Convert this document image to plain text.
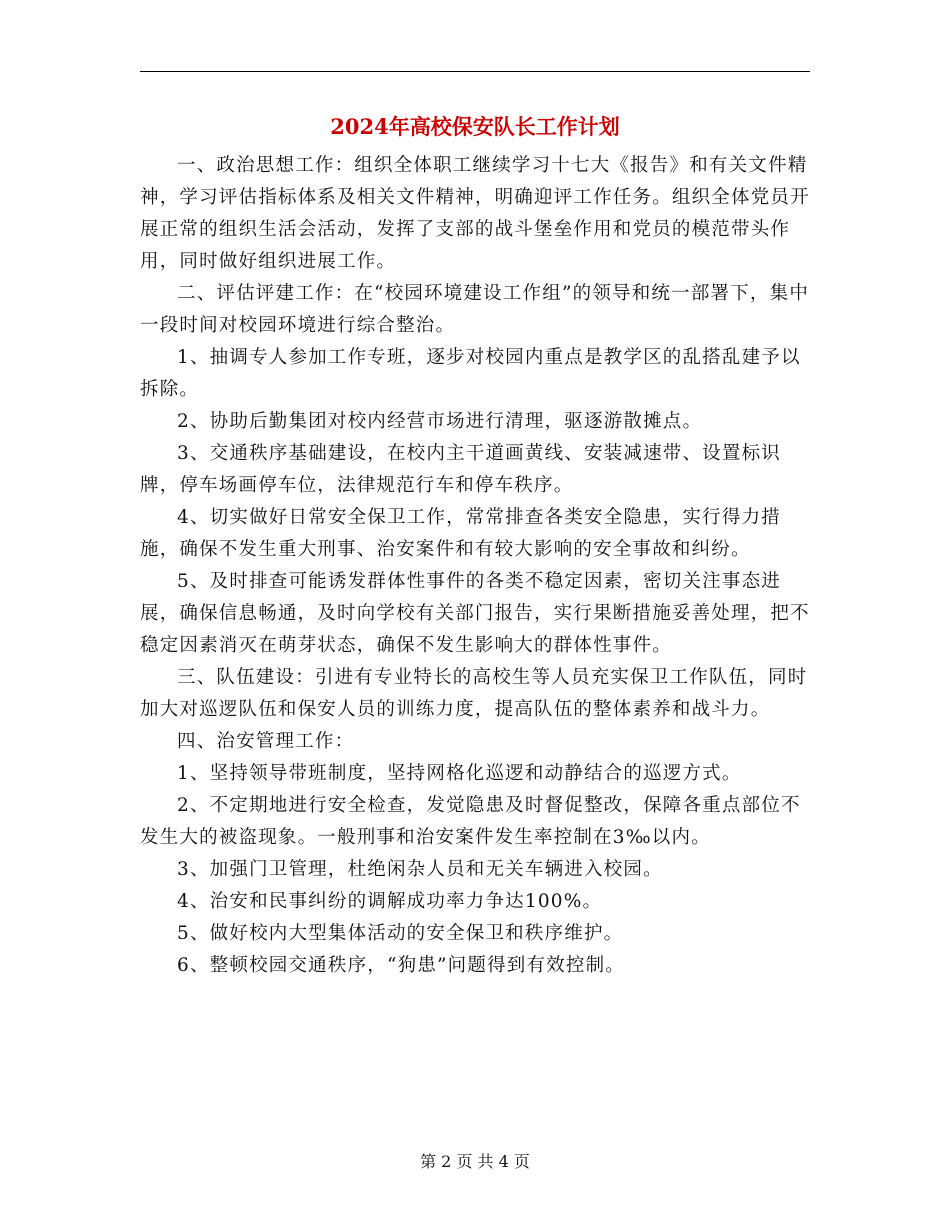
2024年高校保安队长工作计划

一、政治思想工作：组织全体职工继续学习十七大《报告》和有关文件精神，学习评估指标体系及相关文件精神，明确迎评工作任务。组织全体党员开展正常的组织生活会活动，发挥了支部的战斗堡垒作用和党员的模范带头作用，同时做好组织进展工作。

二、评估评建工作：在“校园环境建设工作组”的领导和统一部署下，集中一段时间对校园环境进行综合整治。

1、抽调专人参加工作专班，逐步对校园内重点是教学区的乱搭乱建予以拆除。

2、协助后勤集团对校内经营市场进行清理，驱逐游散摊点。

3、交通秩序基础建设，在校内主干道画黄线、安装减速带、设置标识牌，停车场画停车位，法律规范行车和停车秩序。

4、切实做好日常安全保卫工作，常常排查各类安全隐患，实行得力措施，确保不发生重大刑事、治安案件和有较大影响的安全事故和纠纷。

5、及时排查可能诱发群体性事件的各类不稳定因素，密切关注事态进展，确保信息畅通，及时向学校有关部门报告，实行果断措施妥善处理，把不稳定因素消灭在萌芽状态，确保不发生影响大的群体性事件。

三、队伍建设：引进有专业特长的高校生等人员充实保卫工作队伍，同时加大对巡逻队伍和保安人员的训练力度，提高队伍的整体素养和战斗力。

四、治安管理工作：

1、坚持领导带班制度，坚持网格化巡逻和动静结合的巡逻方式。

2、不定期地进行安全检查，发觉隐患及时督促整改，保障各重点部位不发生大的被盗现象。一般刑事和治安案件发生率控制在3‰以内。

3、加强门卫管理，杜绝闲杂人员和无关车辆进入校园。

4、治安和民事纠纷的调解成功率力争达100%。

5、做好校内大型集体活动的安全保卫和秩序维护。

6、整顿校园交通秩序，“狗患”问题得到有效控制。

第 2 页 共 4 页
